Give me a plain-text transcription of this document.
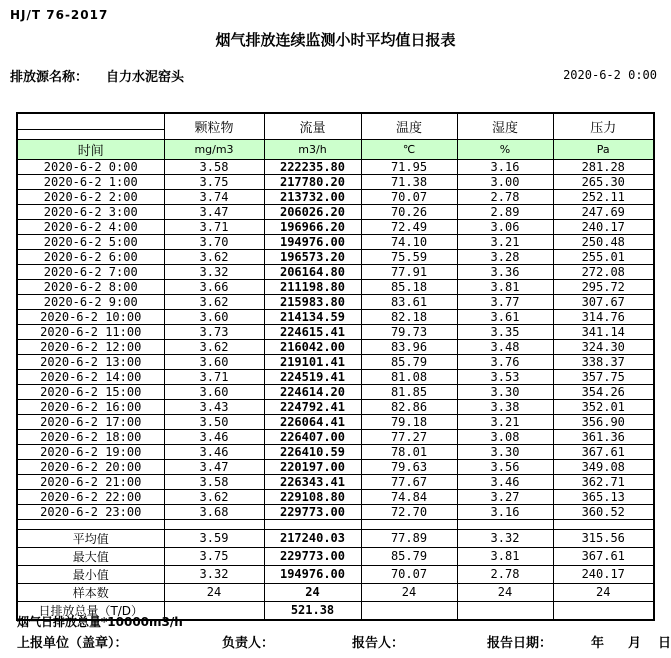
HJ/T 76-2017
烟气排放连续监测小时平均值日报表
排放源名称： 自力水泥窑头	2020-6-2 0:00
	颗粒物	流量	温度	湿度	压力

时间	mg/m3	m3/h	℃	%	Pa
2020-6-2 0:00	3.58	222235.80	71.95	3.16	281.28
2020-6-2 1:00	3.75	217780.20	71.38	3.00	265.30
2020-6-2 2:00	3.74	213732.00	70.07	2.78	252.11
2020-6-2 3:00	3.47	206026.20	70.26	2.89	247.69
2020-6-2 4:00	3.71	196966.20	72.49	3.06	240.17
2020-6-2 5:00	3.70	194976.00	74.10	3.21	250.48
2020-6-2 6:00	3.62	196573.20	75.59	3.28	255.01
2020-6-2 7:00	3.32	206164.80	77.91	3.36	272.08
2020-6-2 8:00	3.66	211198.80	85.18	3.81	295.72
2020-6-2 9:00	3.62	215983.80	83.61	3.77	307.67
2020-6-2 10:00	3.60	214134.59	82.18	3.61	314.76
2020-6-2 11:00	3.73	224615.41	79.73	3.35	341.14
2020-6-2 12:00	3.62	216042.00	83.96	3.48	324.30
2020-6-2 13:00	3.60	219101.41	85.79	3.76	338.37
2020-6-2 14:00	3.71	224519.41	81.08	3.53	357.75
2020-6-2 15:00	3.60	224614.20	81.85	3.30	354.26
2020-6-2 16:00	3.43	224792.41	82.86	3.38	352.01
2020-6-2 17:00	3.50	226064.41	79.18	3.21	356.90
2020-6-2 18:00	3.46	226407.00	77.27	3.08	361.36
2020-6-2 19:00	3.46	226410.59	78.01	3.30	367.61
2020-6-2 20:00	3.47	220197.00	79.63	3.56	349.08
2020-6-2 21:00	3.58	226343.41	77.67	3.46	362.71
2020-6-2 22:00	3.62	229108.80	74.84	3.27	365.13
2020-6-2 23:00	3.68	229773.00	72.70	3.16	360.52

平均值	3.59	217240.03	77.89	3.32	315.56
最大值	3.75	229773.00	85.79	3.81	367.61
最小值	3.32	194976.00	70.07	2.78	240.17
样本数	24	24	24	24	24
日排放总量（T/D）		521.38			
烟气日排放总量*10000m3/h
上报单位（盖章）：	负责人：	报告人：	报告日期：	年 月 日
